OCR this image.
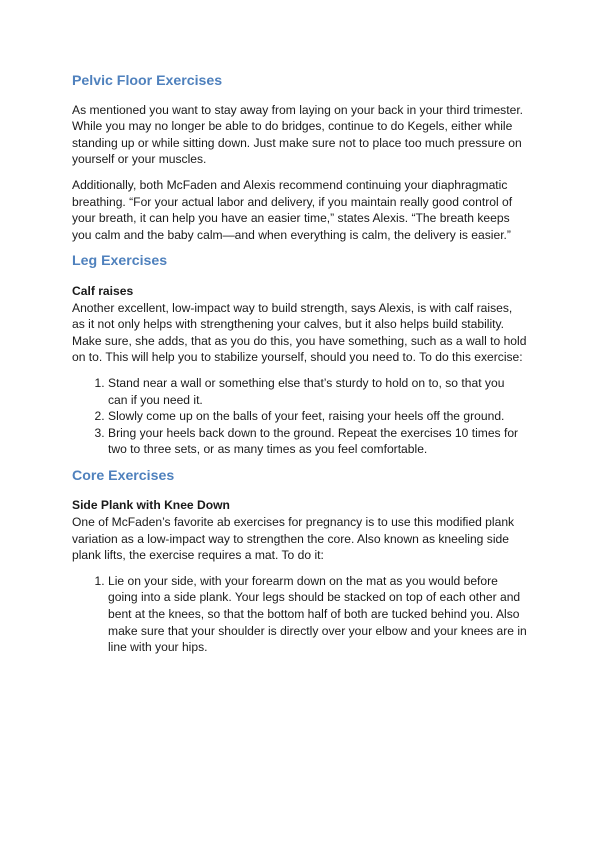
Pelvic Floor Exercises

As mentioned you want to stay away from laying on your back in your third trimester. While you may no longer be able to do bridges, continue to do Kegels, either while standing up or while sitting down. Just make sure not to place too much pressure on yourself or your muscles.

Additionally, both McFaden and Alexis recommend continuing your diaphragmatic breathing. “For your actual labor and delivery, if you maintain really good control of your breath, it can help you have an easier time,” states Alexis. “The breath keeps you calm and the baby calm—and when everything is calm, the delivery is easier.”

Leg Exercises

Calf raises

Another excellent, low-impact way to build strength, says Alexis, is with calf raises, as it not only helps with strengthening your calves, but it also helps build stability. Make sure, she adds, that as you do this, you have something, such as a wall to hold on to. This will help you to stabilize yourself, should you need to. To do this exercise:

1. Stand near a wall or something else that’s sturdy to hold on to, so that you can if you need it.
2. Slowly come up on the balls of your feet, raising your heels off the ground.
3. Bring your heels back down to the ground. Repeat the exercises 10 times for two to three sets, or as many times as you feel comfortable.
Core Exercises

Side Plank with Knee Down

One of McFaden’s favorite ab exercises for pregnancy is to use this modified plank variation as a low-impact way to strengthen the core. Also known as kneeling side plank lifts, the exercise requires a mat. To do it:

1. Lie on your side, with your forearm down on the mat as you would before going into a side plank. Your legs should be stacked on top of each other and bent at the knees, so that the bottom half of both are tucked behind you. Also make sure that your shoulder is directly over your elbow and your knees are in line with your hips.
